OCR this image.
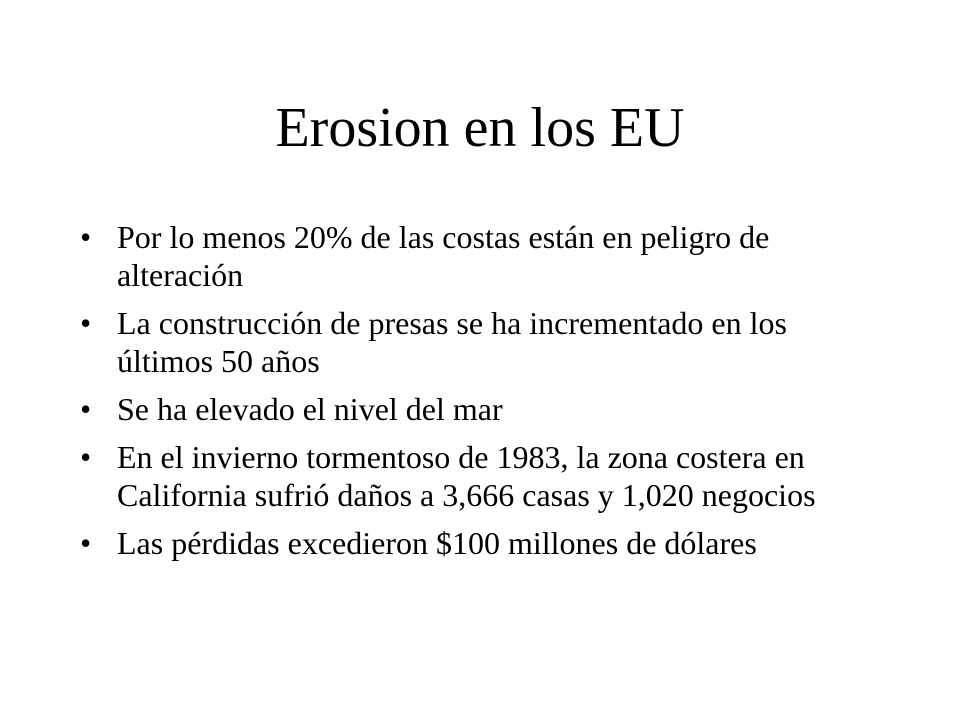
Erosion en los EU
• Por lo menos 20% de las costas están en peligro de alteración
• La construcción de presas se ha incrementado en los últimos 50 años
• Se ha elevado el nivel del mar
• En el invierno tormentoso de 1983, la zona costera en California sufrió daños a 3,666 casas y 1,020 negocios
• Las pérdidas excedieron $100 millones de dólares
